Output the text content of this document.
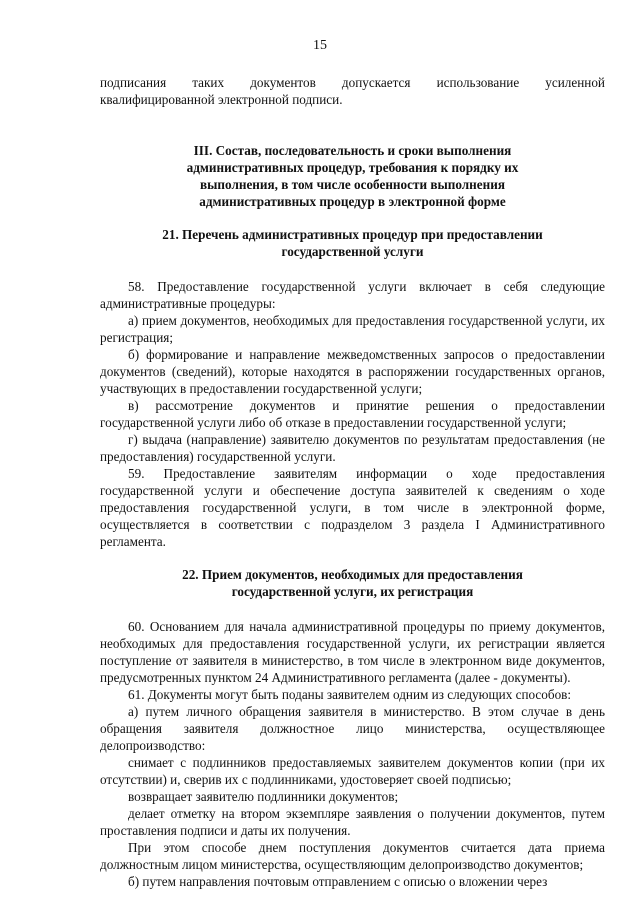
15

подписания таких документов допускается использование усиленной квалифицированной электронной подписи.

III. Состав, последовательность и сроки выполнения административных процедур, требования к порядку их выполнения, в том числе особенности выполнения административных процедур в электронной форме

21. Перечень административных процедур при предоставлении государственной услуги

58. Предоставление государственной услуги включает в себя следующие административные процедуры:

а) прием документов, необходимых для предоставления государственной услуги, их регистрация;

б) формирование и направление межведомственных запросов о предоставлении документов (сведений), которые находятся в распоряжении государственных органов, участвующих в предоставлении государственной услуги;

в) рассмотрение документов и принятие решения о предоставлении государственной услуги либо об отказе в предоставлении государственной услуги;

г) выдача (направление) заявителю документов по результатам предоставления (не предоставления) государственной услуги.

59. Предоставление заявителям информации о ходе предоставления государственной услуги и обеспечение доступа заявителей к сведениям о ходе предоставления государственной услуги, в том числе в электронной форме, осуществляется в соответствии с подразделом 3 раздела I Административного регламента.

22. Прием документов, необходимых для предоставления государственной услуги, их регистрация

60. Основанием для начала административной процедуры по приему документов, необходимых для предоставления государственной услуги, их регистрации является поступление от заявителя в министерство, в том числе в электронном виде документов, предусмотренных пунктом 24 Административного регламента (далее - документы).

61. Документы могут быть поданы заявителем одним из следующих способов:

а) путем личного обращения заявителя в министерство. В этом случае в день обращения заявителя должностное лицо министерства, осуществляющее делопроизводство:

снимает с подлинников предоставляемых заявителем документов копии (при их отсутствии) и, сверив их с подлинниками, удостоверяет своей подписью;

возвращает заявителю подлинники документов;

делает отметку на втором экземпляре заявления о получении документов, путем проставления подписи и даты их получения.

При этом способе днем поступления документов считается дата приема должностным лицом министерства, осуществляющим делопроизводство документов;

б) путем направления почтовым отправлением с описью о вложении через
